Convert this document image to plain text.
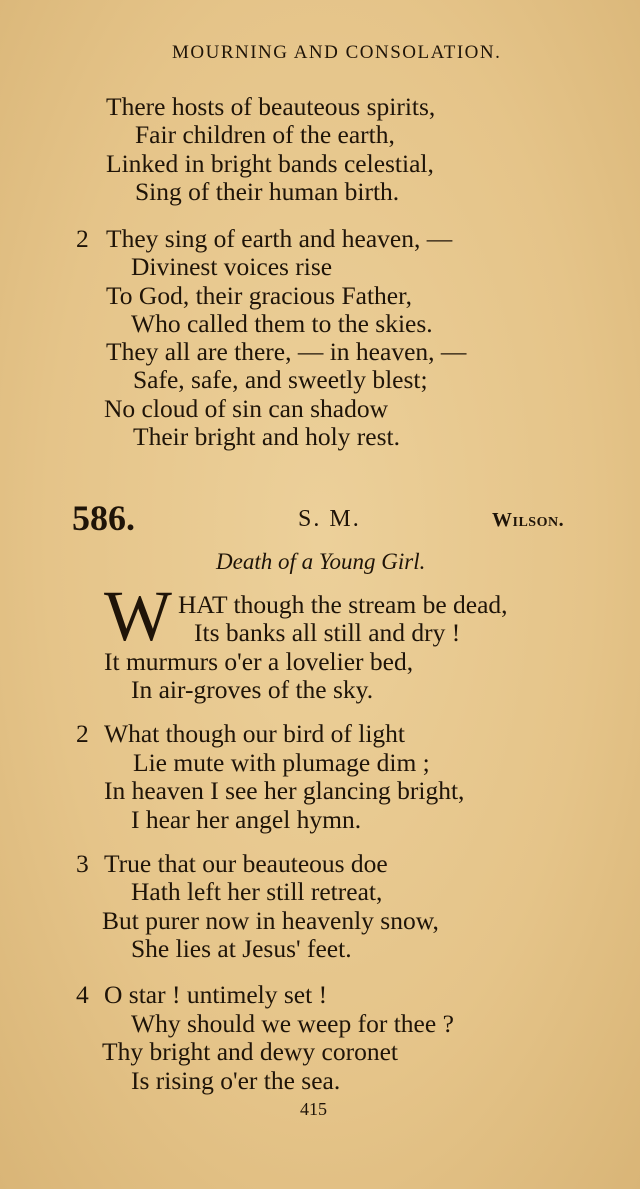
MOURNING AND CONSOLATION.
There hosts of beauteous spirits,
Fair children of the earth,
Linked in bright bands celestial,
Sing of their human birth.
2 They sing of earth and heaven, —
Divinest voices rise
To God, their gracious Father,
Who called them to the skies.
They all are there, — in heaven, —
Safe, safe, and sweetly blest;
No cloud of sin can shadow
Their bright and holy rest.
586.	S. M.	Wilson.
Death of a Young Girl.
W HAT though the stream be dead,
Its banks all still and dry !
It murmurs o'er a lovelier bed,
In air-groves of the sky.
2 What though our bird of light
Lie mute with plumage dim ;
In heaven I see her glancing bright,
I hear her angel hymn.
3 True that our beauteous doe
Hath left her still retreat,
But purer now in heavenly snow,
She lies at Jesus' feet.
4 O star ! untimely set !
Why should we weep for thee ?
Thy bright and dewy coronet
Is rising o'er the sea.
415
